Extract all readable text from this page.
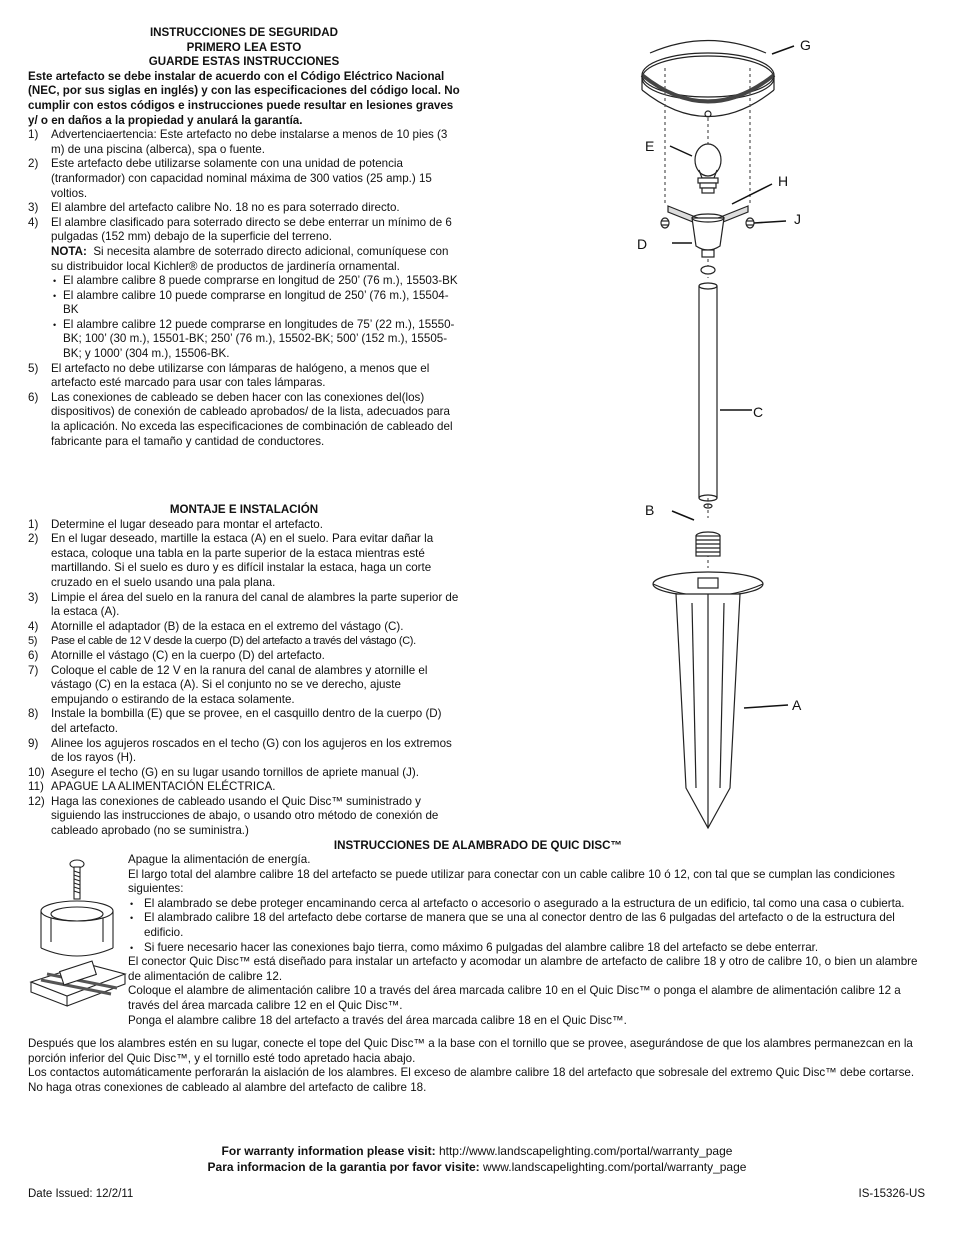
INSTRUCCIONES DE SEGURIDAD
PRIMERO LEA ESTO
GUARDE ESTAS INSTRUCCIONES
Este artefacto se debe instalar de acuerdo con el Código Eléctrico Nacional (NEC, por sus siglas en inglés) y con las especificaciones del código local. No cumplir con estos códigos e instrucciones puede resultar en lesiones graves y/ o en daños a la propiedad y anulará la garantía.
1) Advertenciaertencia: Este artefacto no debe instalarse a menos de 10 pies (3 m) de una piscina (alberca), spa o fuente.
2) Este artefacto debe utilizarse solamente con una unidad de potencia (tranformador) con capacidad nominal máxima de 300 vatios (25 amp.) 15 voltios.
3) El alambre del artefacto calibre No. 18 no es para soterrado directo.
4) El alambre clasificado para soterrado directo se debe enterrar un mínimo de 6 pulgadas (152 mm) debajo de la superficie del terreno.
NOTA: Si necesita alambre de soterrado directo adicional, comuníquese con su distribuidor local Kichler® de productos de jardinería ornamental.
• El alambre calibre 8 puede comprarse en longitud de 250’ (76 m.), 15503-BK
• El alambre calibre 10 puede comprarse en longitud de 250’ (76 m.), 15504-BK
• El alambre calibre 12 puede comprarse en longitudes de 75’ (22 m.), 15550-BK; 100’ (30 m.), 15501-BK; 250’ (76 m.), 15502-BK; 500’ (152 m.), 15505-BK; y 1000’ (304 m.), 15506-BK.
5) El artefacto no debe utilizarse con lámparas de halógeno, a menos que el artefacto esté marcado para usar con tales lámparas.
6) Las conexiones de cableado se deben hacer con las conexiones del(los) dispositivos) de conexión de cableado aprobados/ de la lista, adecuados para la aplicación. No exceda las especificaciones de combinación de cableado del fabricante para el tamaño y cantidad de conductores.
MONTAJE E INSTALACIÓN
1) Determine el lugar deseado para montar el artefacto.
2) En el lugar deseado, martille la estaca (A) en el suelo. Para evitar dañar la estaca, coloque una tabla en la parte superior de la estaca mientras esté martillando. Si el suelo es duro y es difícil instalar la estaca, haga un corte cruzado en el suelo usando una pala plana.
3) Limpie el área del suelo en la ranura del canal de alambres la parte superior de la estaca (A).
4) Atornille el adaptador (B) de la estaca en el extremo del vástago (C).
5) Pase el cable de 12 V desde la cuerpo (D) del artefacto a través del vástago (C).
6) Atornille el vástago (C) en la cuerpo (D) del artefacto.
7) Coloque el cable de 12 V en la ranura del canal de alambres y atornille el vástago (C) en la estaca (A). Si el conjunto no se ve derecho, ajuste empujando o estirando de la estaca solamente.
8) Instale la bombilla (E) que se provee, en el casquillo dentro de la cuerpo (D) del artefacto.
9) Alinee los agujeros roscados en el techo (G) con los agujeros en los extremos de los rayos (H).
10) Asegure el techo (G) en su lugar usando tornillos de apriete manual (J).
11) APAGUE LA ALIMENTACIÓN ELÉCTRICA.
12) Haga las conexiones de cableado usando el Quic Disc™ suministrado y siguiendo las instrucciones de abajo, o usando otro método de conexión de cableado aprobado (no se suministra.)
G
E
H
J
D
C
B
A
INSTRUCCIONES DE ALAMBRADO DE QUIC DISC™
Apague la alimentación de energía.
El largo total del alambre calibre 18 del artefacto se puede utilizar para conectar con un cable calibre 10 ó 12, con tal que se cumplan las condiciones siguientes:
• El alambrado se debe proteger encaminando cerca al artefacto o accesorio o asegurado a la estructura de un edificio, tal como una casa o cubierta.
• El alambrado calibre 18 del artefacto debe cortarse de manera que se una al conector dentro de las 6 pulgadas del artefacto o de la estructura del edificio.
• Si fuere necesario hacer las conexiones bajo tierra, como máximo 6 pulgadas del alambre calibre 18 del artefacto se debe enterrar.
El conector Quic Disc™ está diseñado para instalar un artefacto y acomodar un alambre de artefacto de calibre 18 y otro de calibre 10, o bien un alambre de alimentación de calibre 12.
Coloque el alambre de alimentación calibre 10 a través del área marcada calibre 10 en el Quic Disc™ o ponga el alambre de alimentación calibre 12 a través del área marcada calibre 12 en el Quic Disc™.
Ponga el alambre calibre 18 del artefacto a través del área marcada calibre 18 en el Quic Disc™.
Después que los alambres estén en su lugar, conecte el tope del Quic Disc™ a la base con el tornillo que se provee, asegurándose de que los alambres permanezcan en la porción inferior del Quic Disc™, y el tornillo esté todo apretado hacia abajo.
Los contactos automáticamente perforarán la aislación de los alambres. El exceso de alambre calibre 18 del artefacto que sobresale del extremo Quic Disc™ debe cortarse.
No haga otras conexiones de cableado al alambre del artefacto de calibre 18.
For warranty information please visit: http://www.landscapelighting.com/portal/warranty_page
Para informacion de la garantia por favor visite: www.landscapelighting.com/portal/warranty_page
Date Issued: 12/2/11	IS-15326-US
